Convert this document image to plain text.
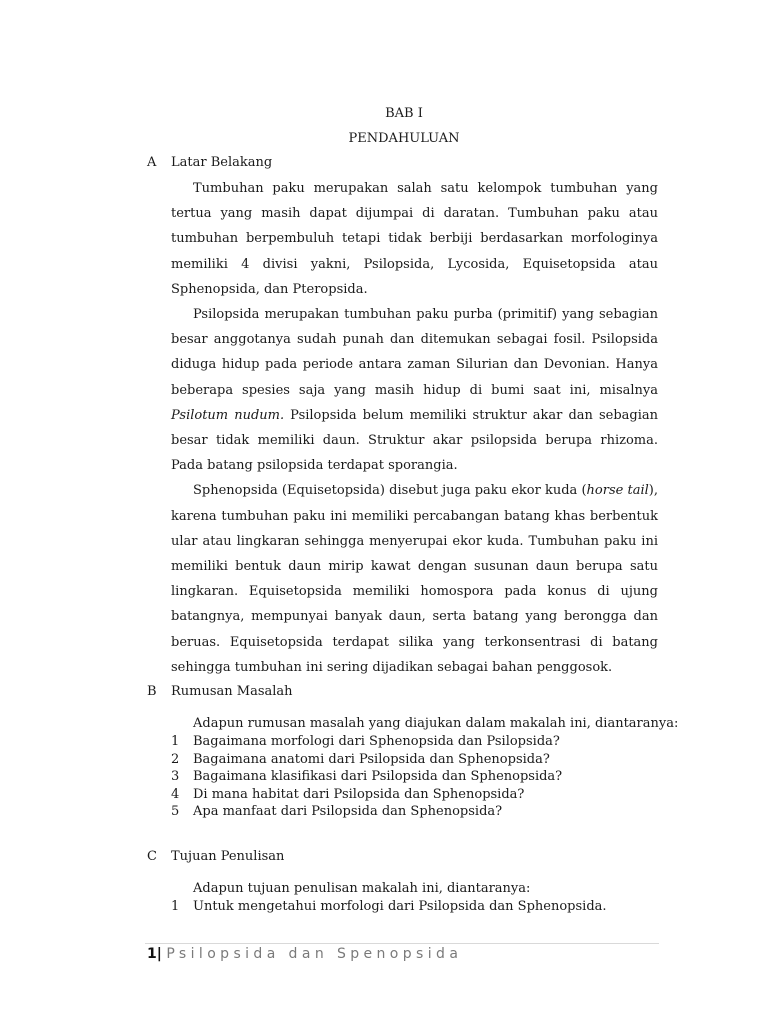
BAB I
PENDAHULUAN
A Latar Belakang

Tumbuhan paku merupakan salah satu kelompok tumbuhan yang tertua yang masih dapat dijumpai di daratan. Tumbuhan paku atau tumbuhan berpembuluh tetapi tidak berbiji berdasarkan morfologinya memiliki 4 divisi yakni, Psilopsida, Lycosida, Equisetopsida atau Sphenopsida, dan Pteropsida.

Psilopsida merupakan tumbuhan paku purba (primitif) yang sebagian besar anggotanya sudah punah dan ditemukan sebagai fosil. Psilopsida diduga hidup pada periode antara zaman Silurian dan Devonian. Hanya beberapa spesies saja yang masih hidup di bumi saat ini, misalnya Psilotum nudum. Psilopsida belum memiliki struktur akar dan sebagian besar tidak memiliki daun. Struktur akar psilopsida berupa rhizoma. Pada batang psilopsida terdapat sporangia.

Sphenopsida (Equisetopsida) disebut juga paku ekor kuda (horse tail), karena tumbuhan paku ini memiliki percabangan batang khas berbentuk ular atau lingkaran sehingga menyerupai ekor kuda. Tumbuhan paku ini memiliki bentuk daun mirip kawat dengan susunan daun berupa satu lingkaran. Equisetopsida memiliki homospora pada konus di ujung batangnya, mempunyai banyak daun, serta batang yang berongga dan beruas. Equisetopsida terdapat silika yang terkonsentrasi di batang sehingga tumbuhan ini sering dijadikan sebagai bahan penggosok.

B Rumusan Masalah
Adapun rumusan masalah yang diajukan dalam makalah ini, diantaranya:
1	Bagaimana morfologi dari Sphenopsida dan Psilopsida?
2	Bagaimana anatomi dari Psilopsida dan Sphenopsida?
3	Bagaimana klasifikasi dari Psilopsida dan Sphenopsida?
4	Di mana habitat dari Psilopsida dan Sphenopsida?
5	Apa manfaat dari Psilopsida dan Sphenopsida?
C Tujuan Penulisan
Adapun tujuan penulisan makalah ini, diantaranya:
1	Untuk mengetahui morfologi dari Psilopsida dan Sphenopsida.
1| Psilopsida dan Spenopsida
